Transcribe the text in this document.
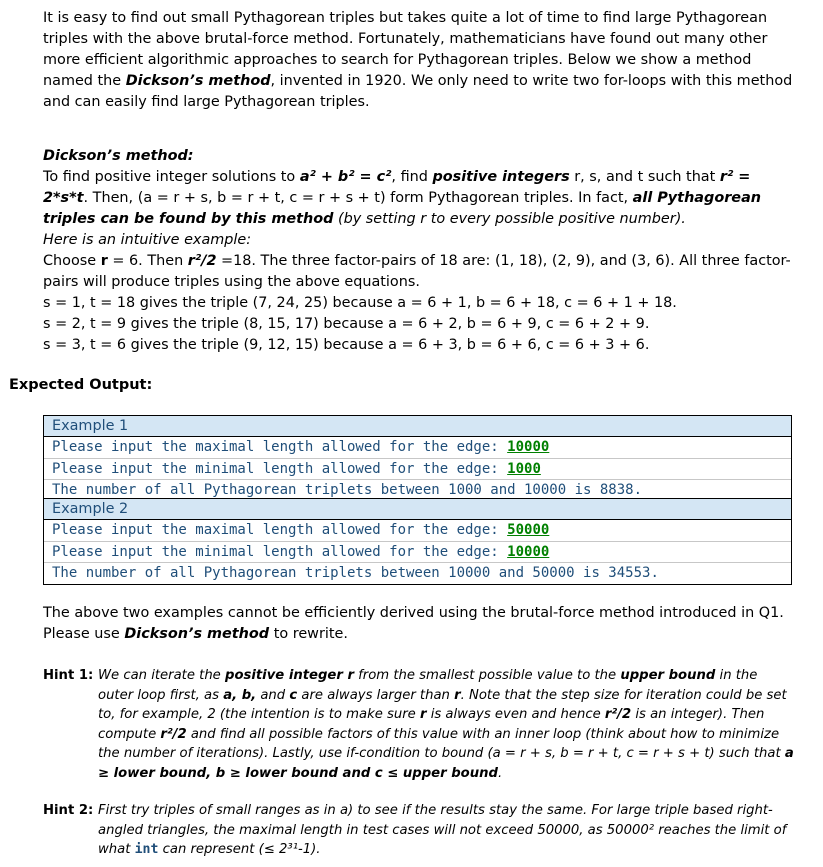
It is easy to find out small Pythagorean triples but takes quite a lot of time to find large Pythagorean triples with the above brutal-force method. Fortunately, mathematicians have found out many other more efficient algorithmic approaches to search for Pythagorean triples. Below we show a method named the Dickson’s method, invented in 1920. We only need to write two for-loops with this method and can easily find large Pythagorean triples.

Dickson’s method:

To find positive integer solutions to a² + b² = c², find positive integers r, s, and t such that r² = 2*s*t. Then, (a = r + s, b = r + t, c = r + s + t) form Pythagorean triples. In fact, all Pythagorean triples can be found by this method (by setting r to every possible positive number).

Here is an intuitive example:

Choose r = 6. Then r²/2 =18. The three factor-pairs of 18 are: (1, 18), (2, 9), and (3, 6). All three factor-pairs will produce triples using the above equations.

s = 1, t = 18 gives the triple (7, 24, 25) because a = 6 + 1, b = 6 + 18, c = 6 + 1 + 18.

s = 2, t = 9 gives the triple (8, 15, 17) because a = 6 + 2, b = 6 + 9, c = 6 + 2 + 9.

s = 3, t = 6 gives the triple (9, 12, 15) because a = 6 + 3, b = 6 + 6, c = 6 + 3 + 6.

Expected Output:
Example 1
Please input the maximal length allowed for the edge: 10000
Please input the minimal length allowed for the edge: 1000
The number of all Pythagorean triplets between 1000 and 10000 is 8838.
Example 2
Please input the maximal length allowed for the edge: 50000
Please input the minimal length allowed for the edge: 10000
The number of all Pythagorean triplets between 10000 and 50000 is 34553.

The above two examples cannot be efficiently derived using the brutal-force method introduced in Q1. Please use Dickson’s method to rewrite.

Hint 1: We can iterate the positive integer r from the smallest possible value to the upper bound in the outer loop first, as a, b, and c are always larger than r. Note that the step size for iteration could be set to, for example, 2 (the intention is to make sure r is always even and hence r²/2 is an integer). Then compute r²/2 and find all possible factors of this value with an inner loop (think about how to minimize the number of iterations). Lastly, use if-condition to bound (a = r + s, b = r + t, c = r + s + t) such that a ≥ lower bound, b ≥ lower bound and c ≤ upper bound.
Hint 2: First try triples of small ranges as in a) to see if the results stay the same. For large triple based right-angled triangles, the maximal length in test cases will not exceed 50000, as 50000² reaches the limit of what int can represent (≤ 2³¹-1).
